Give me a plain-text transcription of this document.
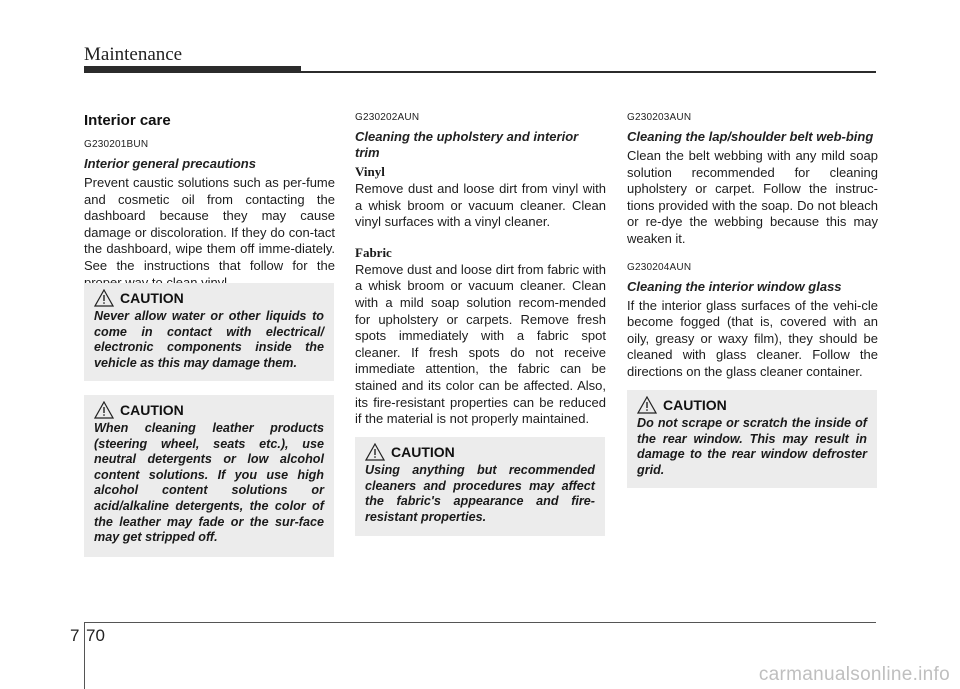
Maintenance
Interior care
G230201BUN
Interior general precautions

Prevent caustic solutions such as per-fume and cosmetic oil from contacting the dashboard because they may cause damage or discoloration. If they do con-tact the dashboard, wipe them off imme-diately. See the instructions that follow for the

CAUTION

Never allow water or other liquids to come in contact with electrical/ electronic components inside the vehicle as this may damage them.

CAUTION

When cleaning leather products (steering wheel, seats etc.), use neutral detergents or low alcohol content solutions. If you use high alcohol content solutions or acid/alkaline detergents, the color of the leather may fade or the sur-face may get stripped off.

G230202AUN
Cleaning the upholstery and interior trim
Vinyl

Remove dust and loose dirt from vinyl with a whisk broom or vacuum cleaner. Clean vinyl surfaces with a vinyl cleaner.

Fabric

Remove dust and loose dirt from fabric with a whisk broom or vacuum cleaner. Clean with a mild soap solution recom-mended for upholstery or carpets. Remove fresh spots immediately with a fabric spot cleaner. If fresh spots do not receive immediate attention, the fabric can be stained and its color can be affected. Also, its fire-resistant properties can be reduced if the material is not properly maintained.

CAUTION

Using anything but recommended cleaners and procedures may affect the fabric's appearance and fire-resistant properties.

G230203AUN
Cleaning the lap/shoulder belt web-bing

Clean the belt webbing with any mild soap solution recommended for cleaning upholstery or carpet. Follow the instruc-tions provided with the soap. Do not bleach or re-dye the webbing because this may weaken it.

G230204AUN
Cleaning the interior window glass

If the interior glass surfaces of the vehi-cle become fogged (that is, covered with an oily, greasy or waxy film), they should be cleaned with glass cleaner. Follow the directions on the glass cleaner container.

CAUTION

Do not scrape or scratch the inside of the rear window. This may result in damage to the rear window defroster grid.

7 70
carmanualsonline.info
